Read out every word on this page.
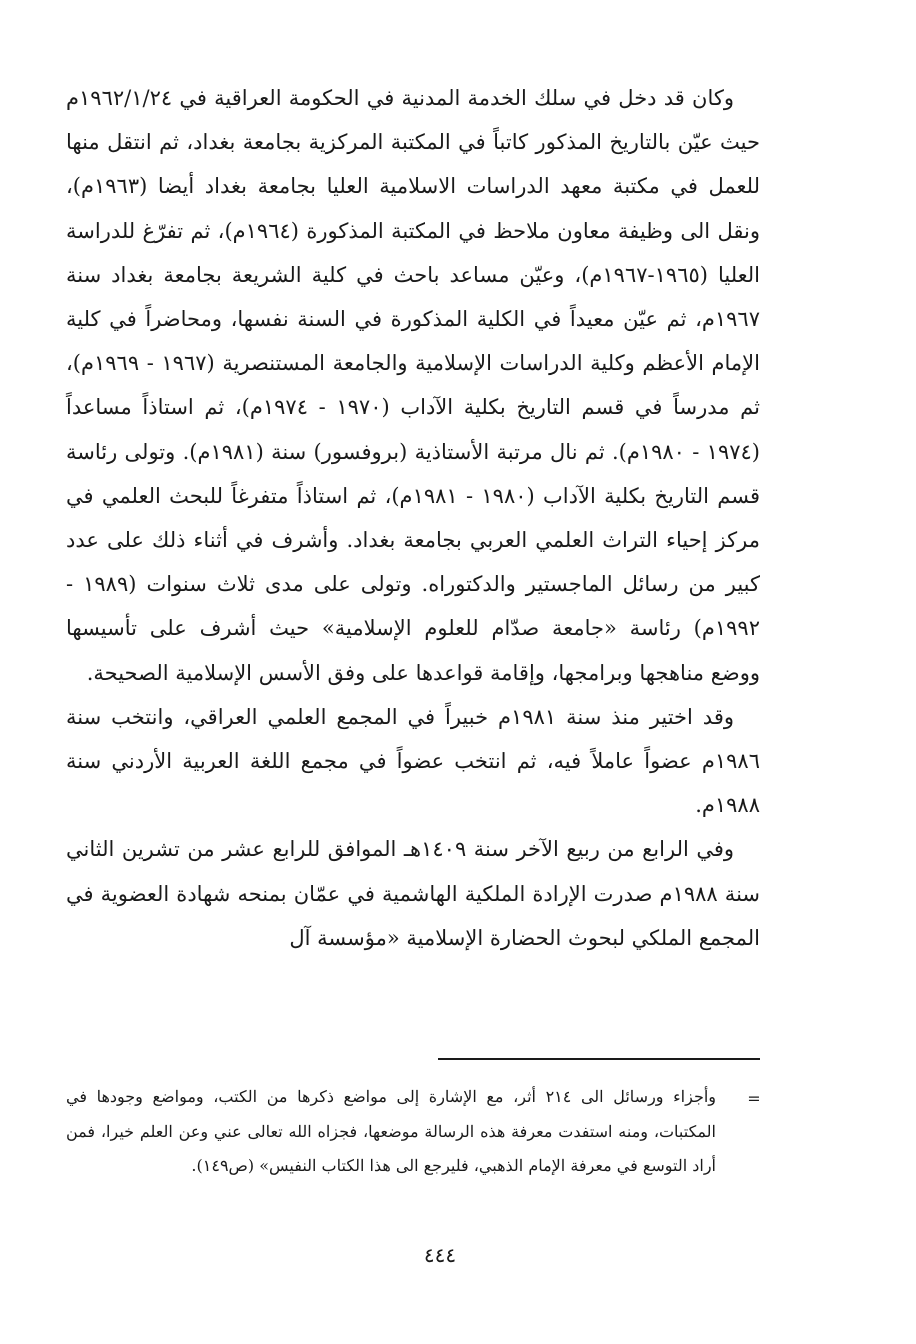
وكان قد دخل في سلك الخدمة المدنية في الحكومة العراقية في ١٩٦٢/١/٢٤م حيث عيّن بالتاريخ المذكور كاتباً في المكتبة المركزية بجامعة بغداد، ثم انتقل منها للعمل في مكتبة معهد الدراسات الاسلامية العليا بجامعة بغداد أيضا (١٩٦٣م)، ونقل الى وظيفة معاون ملاحظ في المكتبة المذكورة (١٩٦٤م)، ثم تفرّغ للدراسة العليا (١٩٦٥-١٩٦٧م)، وعيّن مساعد باحث في كلية الشريعة بجامعة بغداد سنة ١٩٦٧م، ثم عيّن معيداً في الكلية المذكورة في السنة نفسها، ومحاضراً في كلية الإمام الأعظم وكلية الدراسات الإسلامية والجامعة المستنصرية (١٩٦٧ - ١٩٦٩م)، ثم مدرساً في قسم التاريخ بكلية الآداب (١٩٧٠ - ١٩٧٤م)، ثم استاذاً مساعداً (١٩٧٤ - ١٩٨٠م). ثم نال مرتبة الأستاذية (بروفسور) سنة (١٩٨١م). وتولى رئاسة قسم التاريخ بكلية الآداب (١٩٨٠ - ١٩٨١م)، ثم استاذاً متفرغاً للبحث العلمي في مركز إحياء التراث العلمي العربي بجامعة بغداد. وأشرف في أثناء ذلك على عدد كبير من رسائل الماجستير والدكتوراه. وتولى على مدى ثلاث سنوات (١٩٨٩ - ١٩٩٢م) رئاسة «جامعة صدّام للعلوم الإسلامية» حيث أشرف على تأسيسها ووضع مناهجها وبرامجها، وإقامة قواعدها على وفق الأسس الإسلامية الصحيحة.

وقد اختير منذ سنة ١٩٨١م خبيراً في المجمع العلمي العراقي، وانتخب سنة ١٩٨٦م عضواً عاملاً فيه، ثم انتخب عضواً في مجمع اللغة العربية الأردني سنة ١٩٨٨م.

وفي الرابع من ربيع الآخر سنة ١٤٠٩هـ الموافق للرابع عشر من تشرين الثاني سنة ١٩٨٨م صدرت الإرادة الملكية الهاشمية في عمّان بمنحه شهادة العضوية في المجمع الملكي لبحوث الحضارة الإسلامية «مؤسسة آل

=
وأجزاء ورسائل الى ٢١٤ أثر، مع الإشارة إلى مواضع ذكرها من الكتب، ومواضع وجودها في المكتبات، ومنه استفدت معرفة هذه الرسالة موضعها، فجزاه الله تعالى عني وعن العلم خيرا، فمن أراد التوسع في معرفة الإمام الذهبي، فليرجع الى هذا الكتاب النفيس» (ص١٤٩).
٤٤٤
